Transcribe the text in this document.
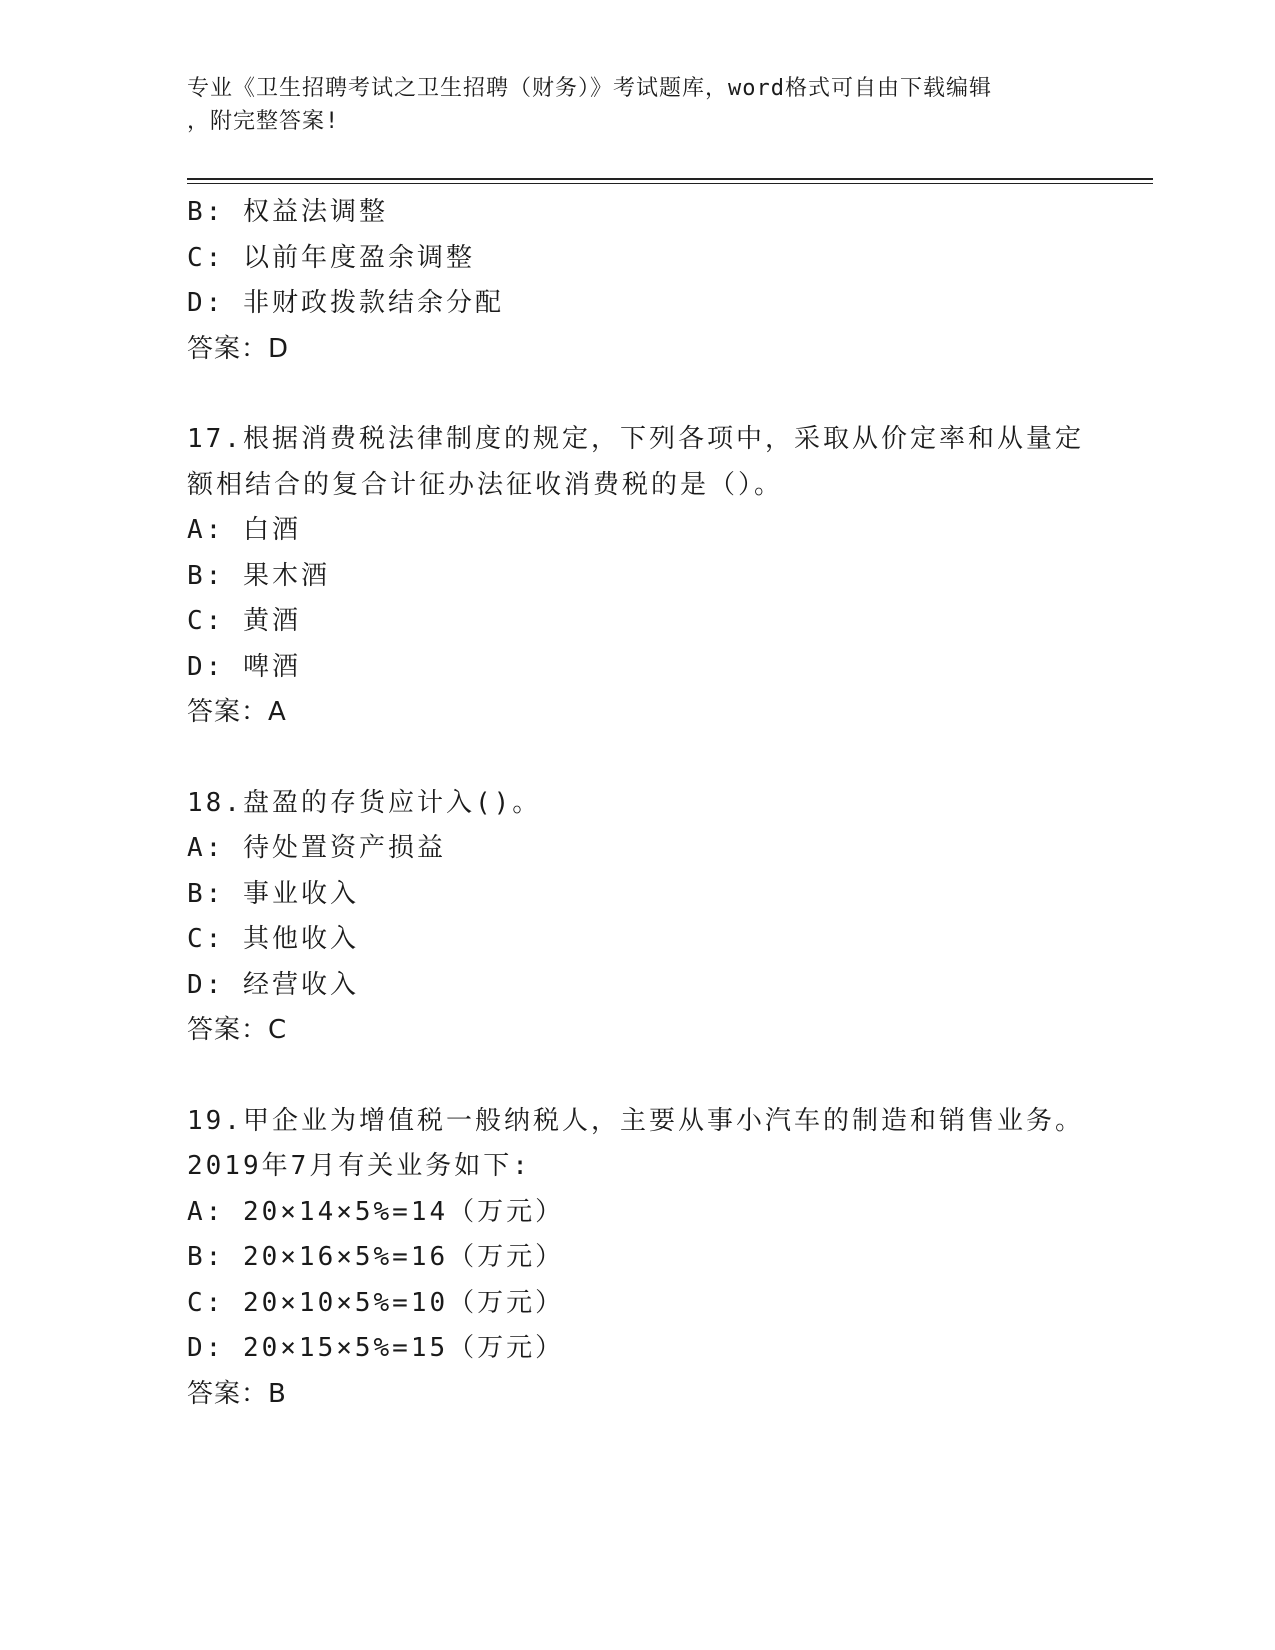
专业《卫生招聘考试之卫生招聘（财务）》考试题库，word格式可自由下载编辑
，附完整答案!
B: 权益法调整
C: 以前年度盈余调整
D: 非财政拨款结余分配
答案：D
17.根据消费税法律制度的规定，下列各项中，采取从价定率和从量定
额相结合的复合计征办法征收消费税的是（）。
A: 白酒
B: 果木酒
C: 黄酒
D: 啤酒
答案：A
18.盘盈的存货应计入()。
A: 待处置资产损益
B: 事业收入
C: 其他收入
D: 经营收入
答案：C
19.甲企业为增值税一般纳税人，主要从事小汽车的制造和销售业务。
2019年7月有关业务如下:
A: 20×14×5%=14（万元）
B: 20×16×5%=16（万元）
C: 20×10×5%=10（万元）
D: 20×15×5%=15（万元）
答案：B
